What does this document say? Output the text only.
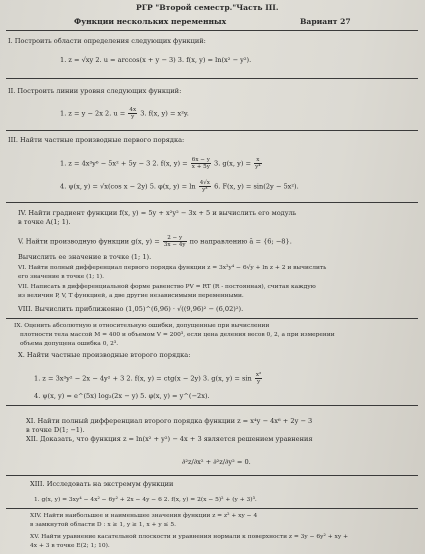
РГР "Второй семестр."Часть III.
Функции нескольких переменных	Вариант 27
I. Построить области определения следующих функций:
1. z = √xy 2. u = arccos(x + y − 3) 3. f(x, y) = ln(x² − y²).
II. Построить линии уровня следующих функций:
1. z = y − 2x 2. $u = \frac{4x}{y} 3$. f(x, y) = x²y.
III. Найти частные производные первого порядка:
1. z = 4x³y⁶ − 5x² + 5y − 3 2. f(x, $y) = \frac{6x - y}{x + 5y} 3$. g(x, $y) = \frac{x}{\text{y⁴}}$
4. ψ(x, y) = √x(cos x − 2y) 5. φ(x, $y) = \ln \frac{4√x}{\text{y³}} 6$. F(x, y) = sin(2y − 5x²).
IV. Найти градиент функции f(x, y) = 5y + x²y² − 3x + 5 и вычислить его модуль
в точке A(1; 1).
V. Найти производную функции g(x, $y) = \frac{2 - y}{3x - 4y}$ по направлению ā = {6; −8}.
Вычислить ее значение в точке (1; 1).
VI. Найти полный дифференциал первого порядка функции z = 3x²y⁴ − 6√y + ln z + 2 и вычислить
его значение в точке (1; 1).
VII. Написать в дифференциальной форме равенство PV = RT (R - постоянная), считая каждую
из величин P, V, T функцией, а две другие независимыми переменными.
VIII. Вычислить приближенно (1,05)^(6,96) · √((9,96)² − (6,02)²).
IX. Оценить абсолютную и относительную ошибки, допущенные при вычислении
плотности тела массой M = 400 и объемом V = 200³, если цена деления весов 0, 2, а при измерении
объема допущена ошибка 0, 2³.
X. Найти частные производные второго порядка:
1. z = 3x³y² − 2x − 4y² + 3 2. f(x, y) = ctg(x − 2y) 3. g(x, $y) = \sin \frac{\text{x²}}{y}$
4. ψ(x, y) = e^(5x) log₃(2x − y) 5. φ(x, y) = y^(−2x).
XI. Найти полный дифференциал второго порядка функции z = x⁴y − 4x⁶ + 2y − 3
в точке D(1; −1).
XII. Доказать, что функция z = ln(x² + y²) − 4x + 3 является решением уравнения
∂²z/∂x² + ∂²z/∂y² = 0.
XIII. Исследовать на экстремум функции
1. g(x, y) = 3xy⁴ − 4x² − 6y² + 2x − 4y − 6 2. f(x, y) = 2(x − 5)² + (y + 3)³.
XIV. Найти наибольшее и наименьшее значения функции z = z² + xy − 4
в замкнутой области D : x ≥ 1, y ≥ 1, x + y ≤ 5.
XV. Найти уравнение касательной плоскости и уравнения нормали к поверхности z = 3y − 6y² + xy +
4x + 3 в точке E(2; 1; 10).
